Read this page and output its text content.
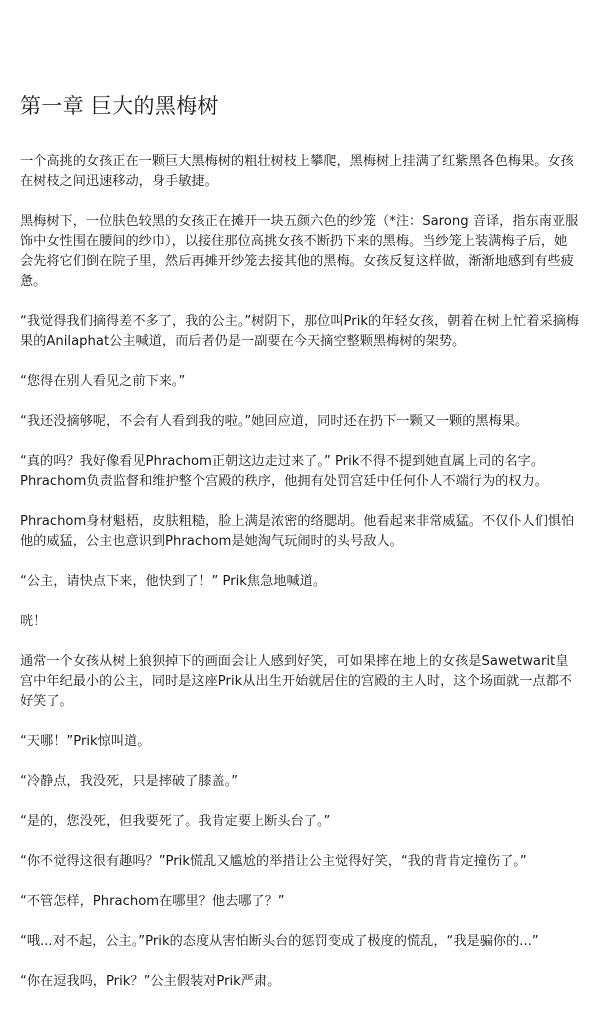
第一章 巨大的黑梅树

一个高挑的女孩正在一颗巨大黑梅树的粗壮树枝上攀爬，黑梅树上挂满了红紫黑各色梅果。女孩在树枝之间迅速移动，身手敏捷。

黑梅树下，一位肤色较黑的女孩正在摊开一块五颜六色的纱笼（*注：Sarong 音译，指东南亚服饰中女性围在腰间的纱巾），以接住那位高挑女孩不断扔下来的黑梅。当纱笼上装满梅子后，她会先将它们倒在院子里，然后再摊开纱笼去接其他的黑梅。女孩反复这样做，渐渐地感到有些疲惫。

“我觉得我们摘得差不多了，我的公主。”树阴下，那位叫Prik的年轻女孩，朝着在树上忙着采摘梅果的Anilaphat公主喊道，而后者仍是一副要在今天摘空整颗黑梅树的架势。

“您得在别人看见之前下来。”

“我还没摘够呢，不会有人看到我的啦。”她回应道，同时还在扔下一颗又一颗的黑梅果。

“真的吗？我好像看见Phrachom正朝这边走过来了。” Prik不得不提到她直属上司的名字。Phrachom负责监督和维护整个宫殿的秩序，他拥有处罚宫廷中任何仆人不端行为的权力。

Phrachom身材魁梧，皮肤粗糙，脸上满是浓密的络腮胡。他看起来非常威猛。不仅仆人们惧怕他的威猛，公主也意识到Phrachom是她淘气玩闹时的头号敌人。

“公主，请快点下来，他快到了！” Prik焦急地喊道。

咣！

通常一个女孩从树上狼狈掉下的画面会让人感到好笑，可如果摔在地上的女孩是Sawetwarit皇宫中年纪最小的公主，同时是这座Prik从出生开始就居住的宫殿的主人时，这个场面就一点都不好笑了。

“天哪！”Prik惊叫道。

“冷静点，我没死，只是摔破了膝盖。”

“是的，您没死，但我要死了。我肯定要上断头台了。”

“你不觉得这很有趣吗？”Prik慌乱又尴尬的举措让公主觉得好笑，“我的背肯定撞伤了。”

“不管怎样，Phrachom在哪里？他去哪了？”

“哦...对不起，公主。”Prik的态度从害怕断头台的惩罚变成了极度的慌乱，“我是骗你的...”

“你在逗我吗，Prik？”公主假装对Prik严肃。
